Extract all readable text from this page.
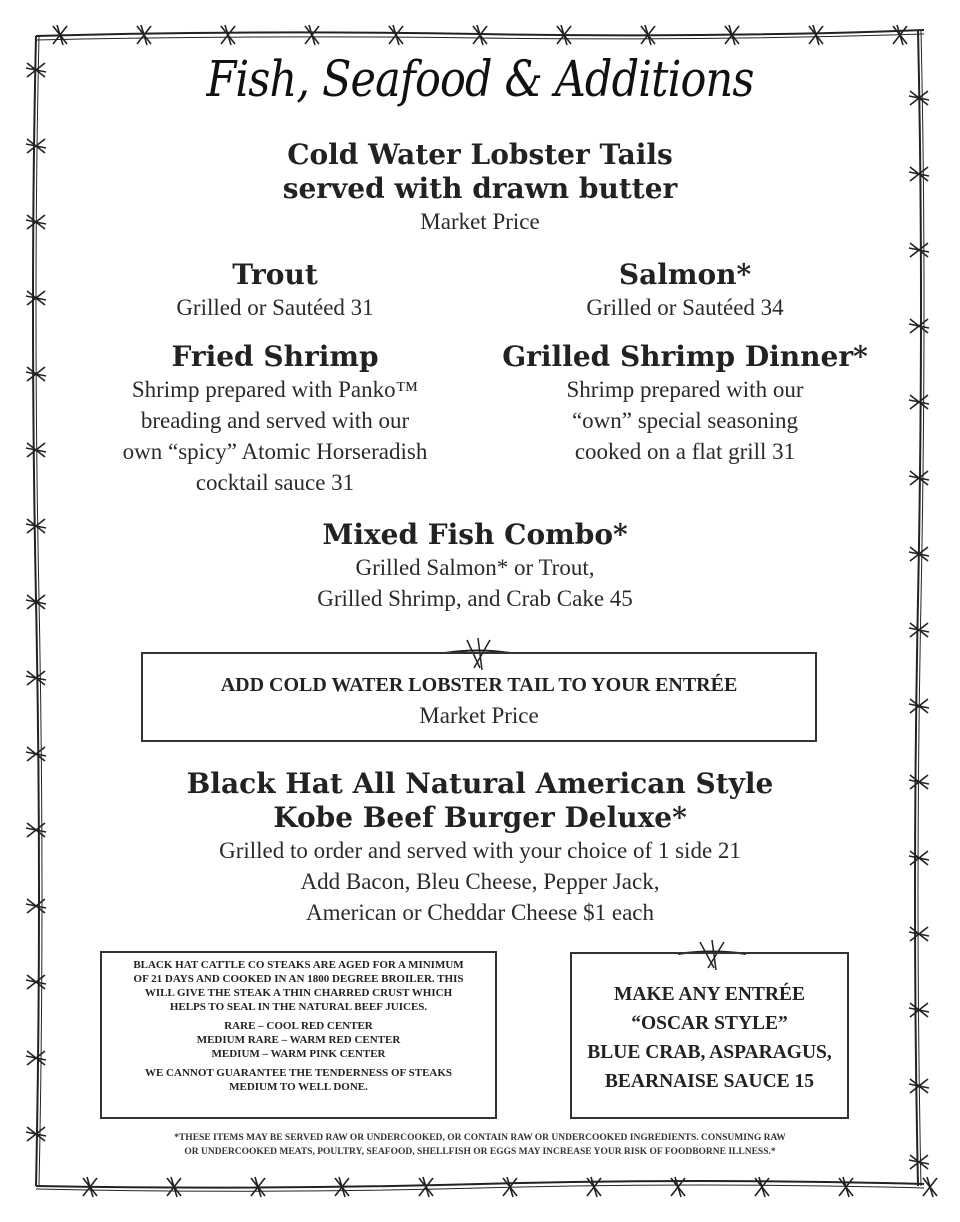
Fish, Seafood & Additions
Cold Water Lobster Tails
served with drawn butter
Market Price
Trout
Grilled or Sautéed 31
Salmon*
Grilled or Sautéed 34
Fried Shrimp
Shrimp prepared with Panko™
breading and served with our
own “spicy” Atomic Horseradish
cocktail sauce 31
Grilled Shrimp Dinner*
Shrimp prepared with our
“own” special seasoning
cooked on a flat grill 31
Mixed Fish Combo*
Grilled Salmon* or Trout,
Grilled Shrimp, and Crab Cake 45
ADD COLD WATER LOBSTER TAIL TO YOUR ENTRÉE
Market Price
Black Hat All Natural American Style
Kobe Beef Burger Deluxe*
Grilled to order and served with your choice of 1 side 21
Add Bacon, Bleu Cheese, Pepper Jack,
American or Cheddar Cheese $1 each
BLACK HAT CATTLE CO STEAKS ARE AGED FOR A MINIMUM
OF 21 DAYS AND COOKED IN AN 1800 DEGREE BROILER. THIS
WILL GIVE THE STEAK A THIN CHARRED CRUST WHICH
HELPS TO SEAL IN THE NATURAL BEEF JUICES.
RARE – COOL RED CENTER
MEDIUM RARE – WARM RED CENTER
MEDIUM – WARM PINK CENTER
WE CANNOT GUARANTEE THE TENDERNESS OF STEAKS
MEDIUM TO WELL DONE.
MAKE ANY ENTRÉE
“OSCAR STYLE”
BLUE CRAB, ASPARAGUS,
BEARNAISE SAUCE 15
*THESE ITEMS MAY BE SERVED RAW OR UNDERCOOKED, OR CONTAIN RAW OR UNDERCOOKED INGREDIENTS. CONSUMING RAW
OR UNDERCOOKED MEATS, POULTRY, SEAFOOD, SHELLFISH OR EGGS MAY INCREASE YOUR RISK OF FOODBORNE ILLNESS.*
